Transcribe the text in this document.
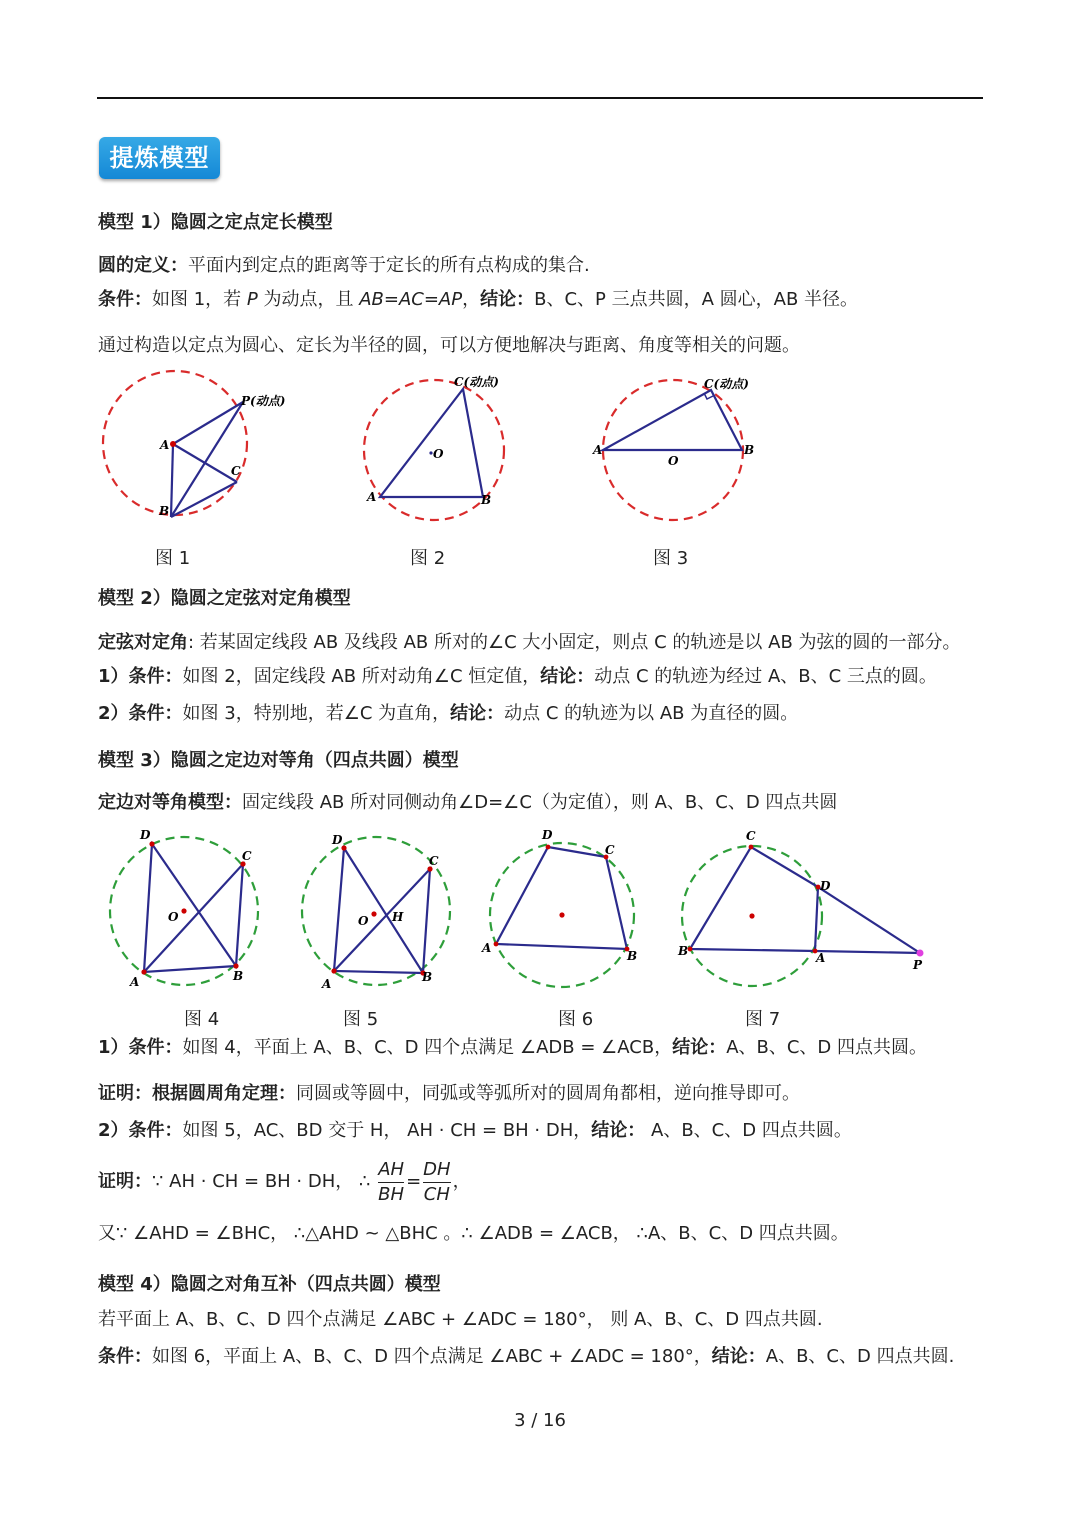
提炼模型
模型 1）隐圆之定点定长模型
圆的定义：平面内到定点的距离等于定长的所有点构成的集合.
条件：如图 1，若 P 为动点，且 AB=AC=AP，结论：B、C、P 三点共圆，A 圆心，AB 半径。
通过构造以定点为圆心、定长为半径的圆，可以方便地解决与距离、角度等相关的问题。
P(动点)
A
C
B
C(动点)
O
A	B
C(动点)
A
O
B
图 1	图 2	图 3
模型 2）隐圆之定弦对定角模型
定弦对定角: 若某固定线段 AB 及线段 AB 所对的∠C 大小固定，则点 C 的轨迹是以 AB 为弦的圆的一部分。
1）条件：如图 2，固定线段 AB 所对动角∠C 恒定值，结论：动点 C 的轨迹为经过 A、B、C 三点的圆。
2）条件：如图 3，特别地，若∠C 为直角，结论：动点 C 的轨迹为以 AB 为直径的圆。
模型 3）隐圆之定边对等角（四点共圆）模型
定边对等角模型：固定线段 AB 所对同侧动角∠D=∠C（为定值），则 A、B、C、D 四点共圆
D
C
O
A	B
D
C
O H
A	B
D
C
A
B
C
D
B	A	P
图 4	图 5	图 6	图 7
1）条件：如图 4，平面上 A、B、C、D 四个点满足 ∠ADB = ∠ACB，结论：A、B、C、D 四点共圆。
证明：根据圆周角定理：同圆或等圆中，同弧或等弧所对的圆周角都相，逆向推导即可。
2）条件：如图 5，AC、BD 交于 H， AH · CH = BH · DH，结论： A、B、C、D 四点共圆。
证明：∵ AH · CH = BH · DH， ∴ $\frac{AH}{BH} = \frac{DH}{CH}$ ，
又∵ ∠AHD = ∠BHC， ∴△AHD ~ △BHC 。∴ ∠ADB = ∠ACB， ∴A、B、C、D 四点共圆。
模型 4）隐圆之对角互补（四点共圆）模型
若平面上 A、B、C、D 四个点满足 ∠ABC + ∠ADC = 180°， 则 A、B、C、D 四点共圆.
条件：如图 6，平面上 A、B、C、D 四个点满足 ∠ABC + ∠ADC = 180°，结论：A、B、C、D 四点共圆.
3 / 16
